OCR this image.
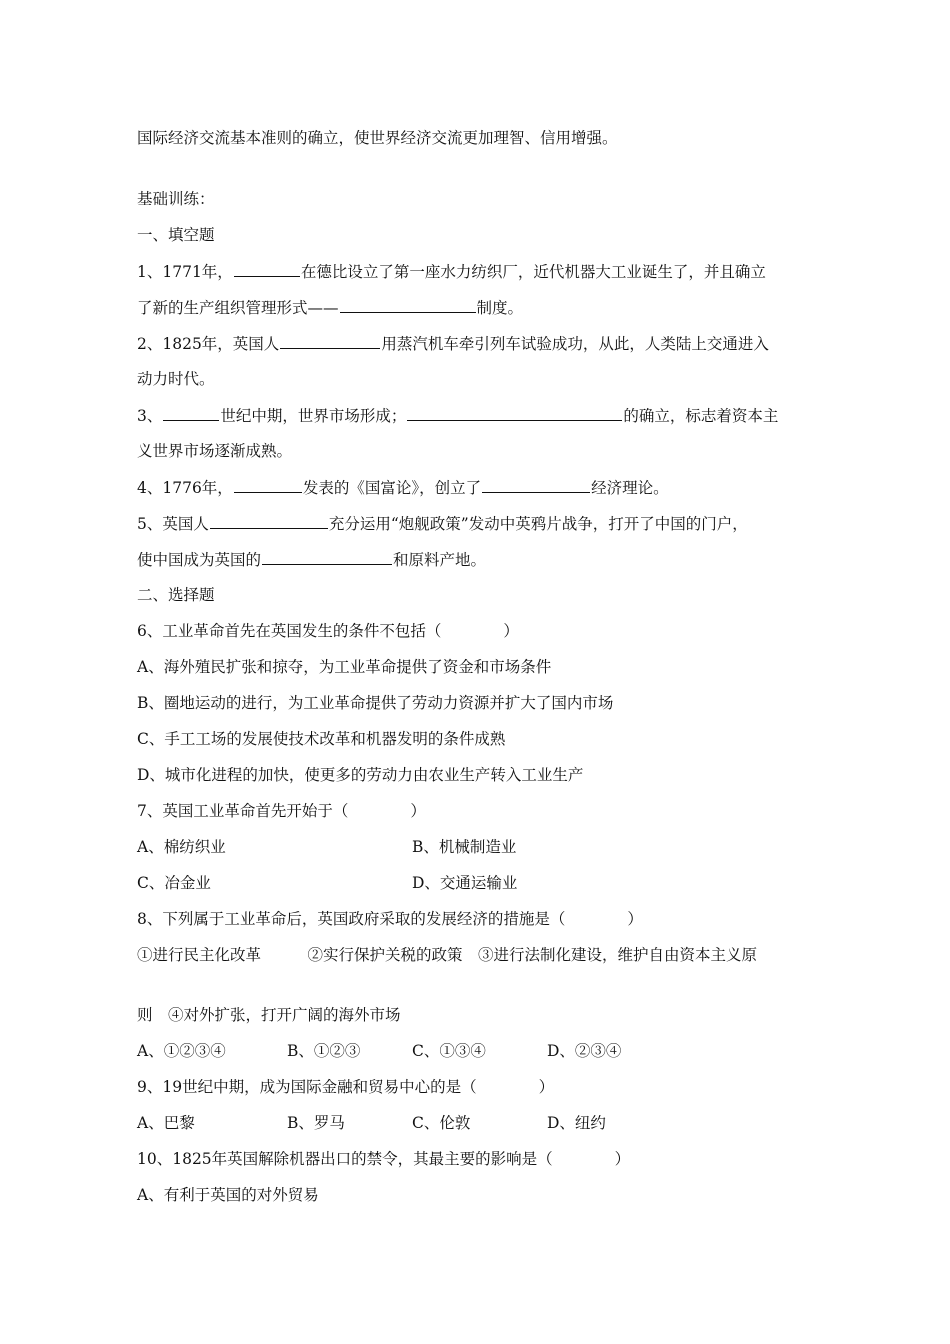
国际经济交流基本准则的确立，使世界经济交流更加理智、信用增强。
基础训练：
一、填空题
1、1771年，	在德比设立了第一座水力纺织厂，近代机器大工业诞生了，并且确立
了新的生产组织管理形式——	制度。
2、1825年，英国人	用蒸汽机车牵引列车试验成功，从此，人类陆上交通进入
动力时代。
3、	世纪中期，世界市场形成；	的确立，标志着资本主
义世界市场逐渐成熟。
4、1776年，	发表的《国富论》，创立了	经济理论。
5、英国人	充分运用“炮舰政策”发动中英鸦片战争，打开了中国的门户，
使中国成为英国的	和原料产地。
二、选择题
6、工业革命首先在英国发生的条件不包括（　　　　）
A、海外殖民扩张和掠夺，为工业革命提供了资金和市场条件
B、圈地运动的进行，为工业革命提供了劳动力资源并扩大了国内市场
C、手工工场的发展使技术改革和机器发明的条件成熟
D、城市化进程的加快，使更多的劳动力由农业生产转入工业生产
7、英国工业革命首先开始于（　　　　）
A、棉纺织业	B、机械制造业
C、冶金业	D、交通运输业
8、下列属于工业革命后，英国政府采取的发展经济的措施是（　　　　）
①进行民主化改革　　　②实行保护关税的政策　③进行法制化建设，维护自由资本主义原
则　④对外扩张，打开广阔的海外市场
A、①②③④	B、①②③	C、①③④	D、②③④
9、19世纪中期，成为国际金融和贸易中心的是（　　　　）
A、巴黎	B、罗马	C、伦敦	D、纽约
10、1825年英国解除机器出口的禁令，其最主要的影响是（　　　　）
A、有利于英国的对外贸易
